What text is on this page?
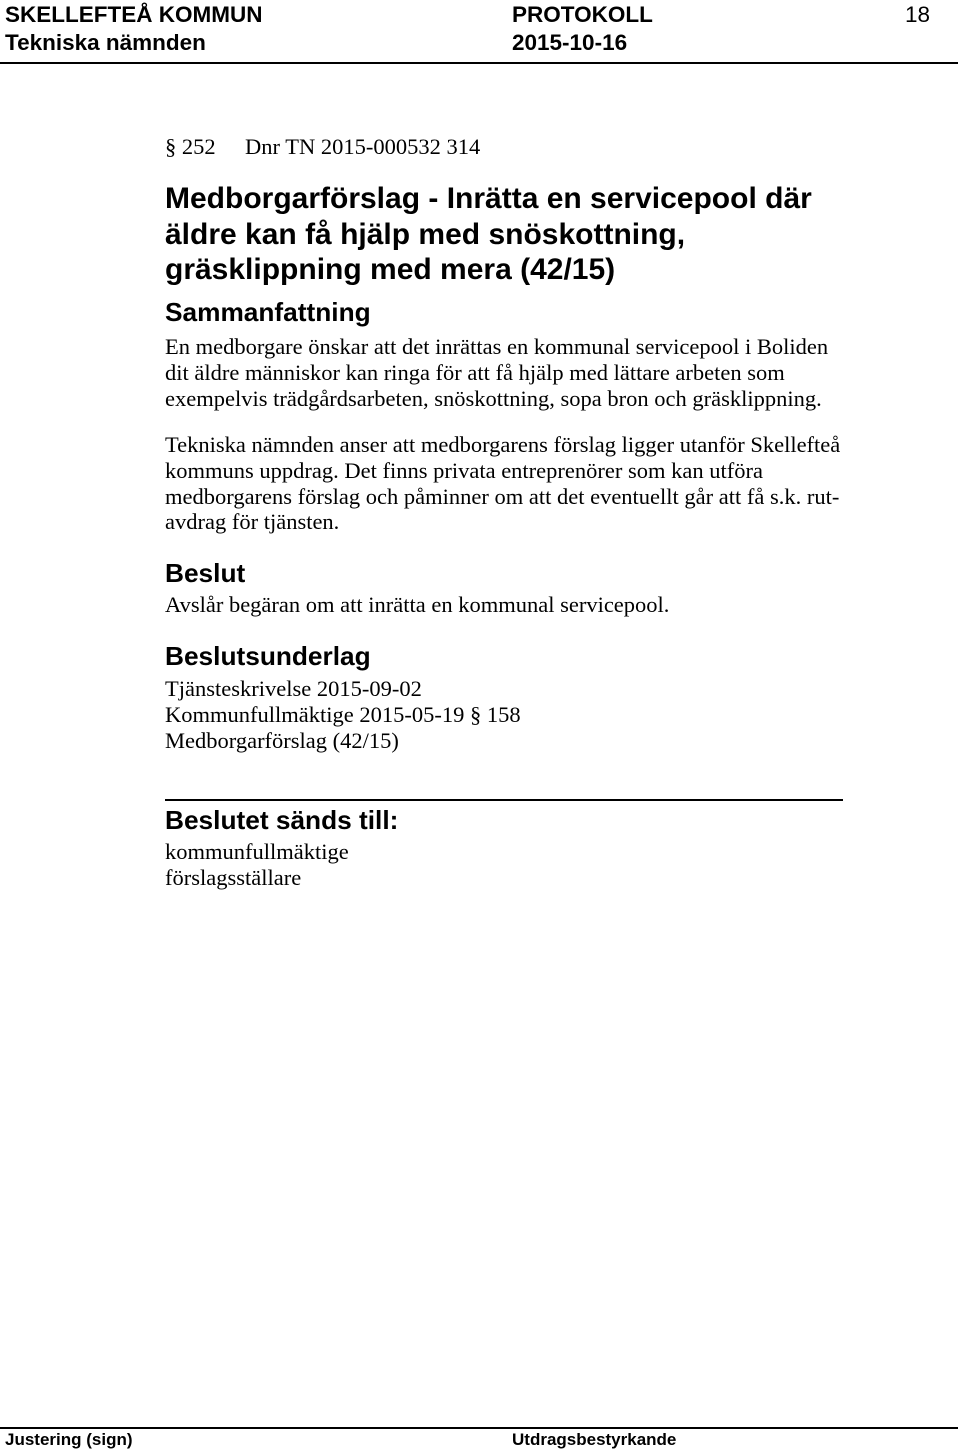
SKELLEFTEÅ KOMMUN	PROTOKOLL	18
Tekniska nämnden	2015-10-16
§ 252 Dnr TN 2015-000532 314
Medborgarförslag - Inrätta en servicepool där
äldre kan få hjälp med snöskottning,
gräsklippning med mera (42/15)
Sammanfattning
En medborgare önskar att det inrättas en kommunal servicepool i Boliden
dit äldre människor kan ringa för att få hjälp med lättare arbeten som
exempelvis trädgårdsarbeten, snöskottning, sopa bron och gräsklippning.
Tekniska nämnden anser att medborgarens förslag ligger utanför Skellefteå
kommuns uppdrag. Det finns privata entreprenörer som kan utföra
medborgarens förslag och påminner om att det eventuellt går att få s.k. rut-
avdrag för tjänsten.
Beslut
Avslår begäran om att inrätta en kommunal servicepool.
Beslutsunderlag
Tjänsteskrivelse 2015-09-02
Kommunfullmäktige 2015-05-19 § 158
Medborgarförslag (42/15)
Beslutet sänds till:
kommunfullmäktige
förslagsställare
Justering (sign)	Utdragsbestyrkande
